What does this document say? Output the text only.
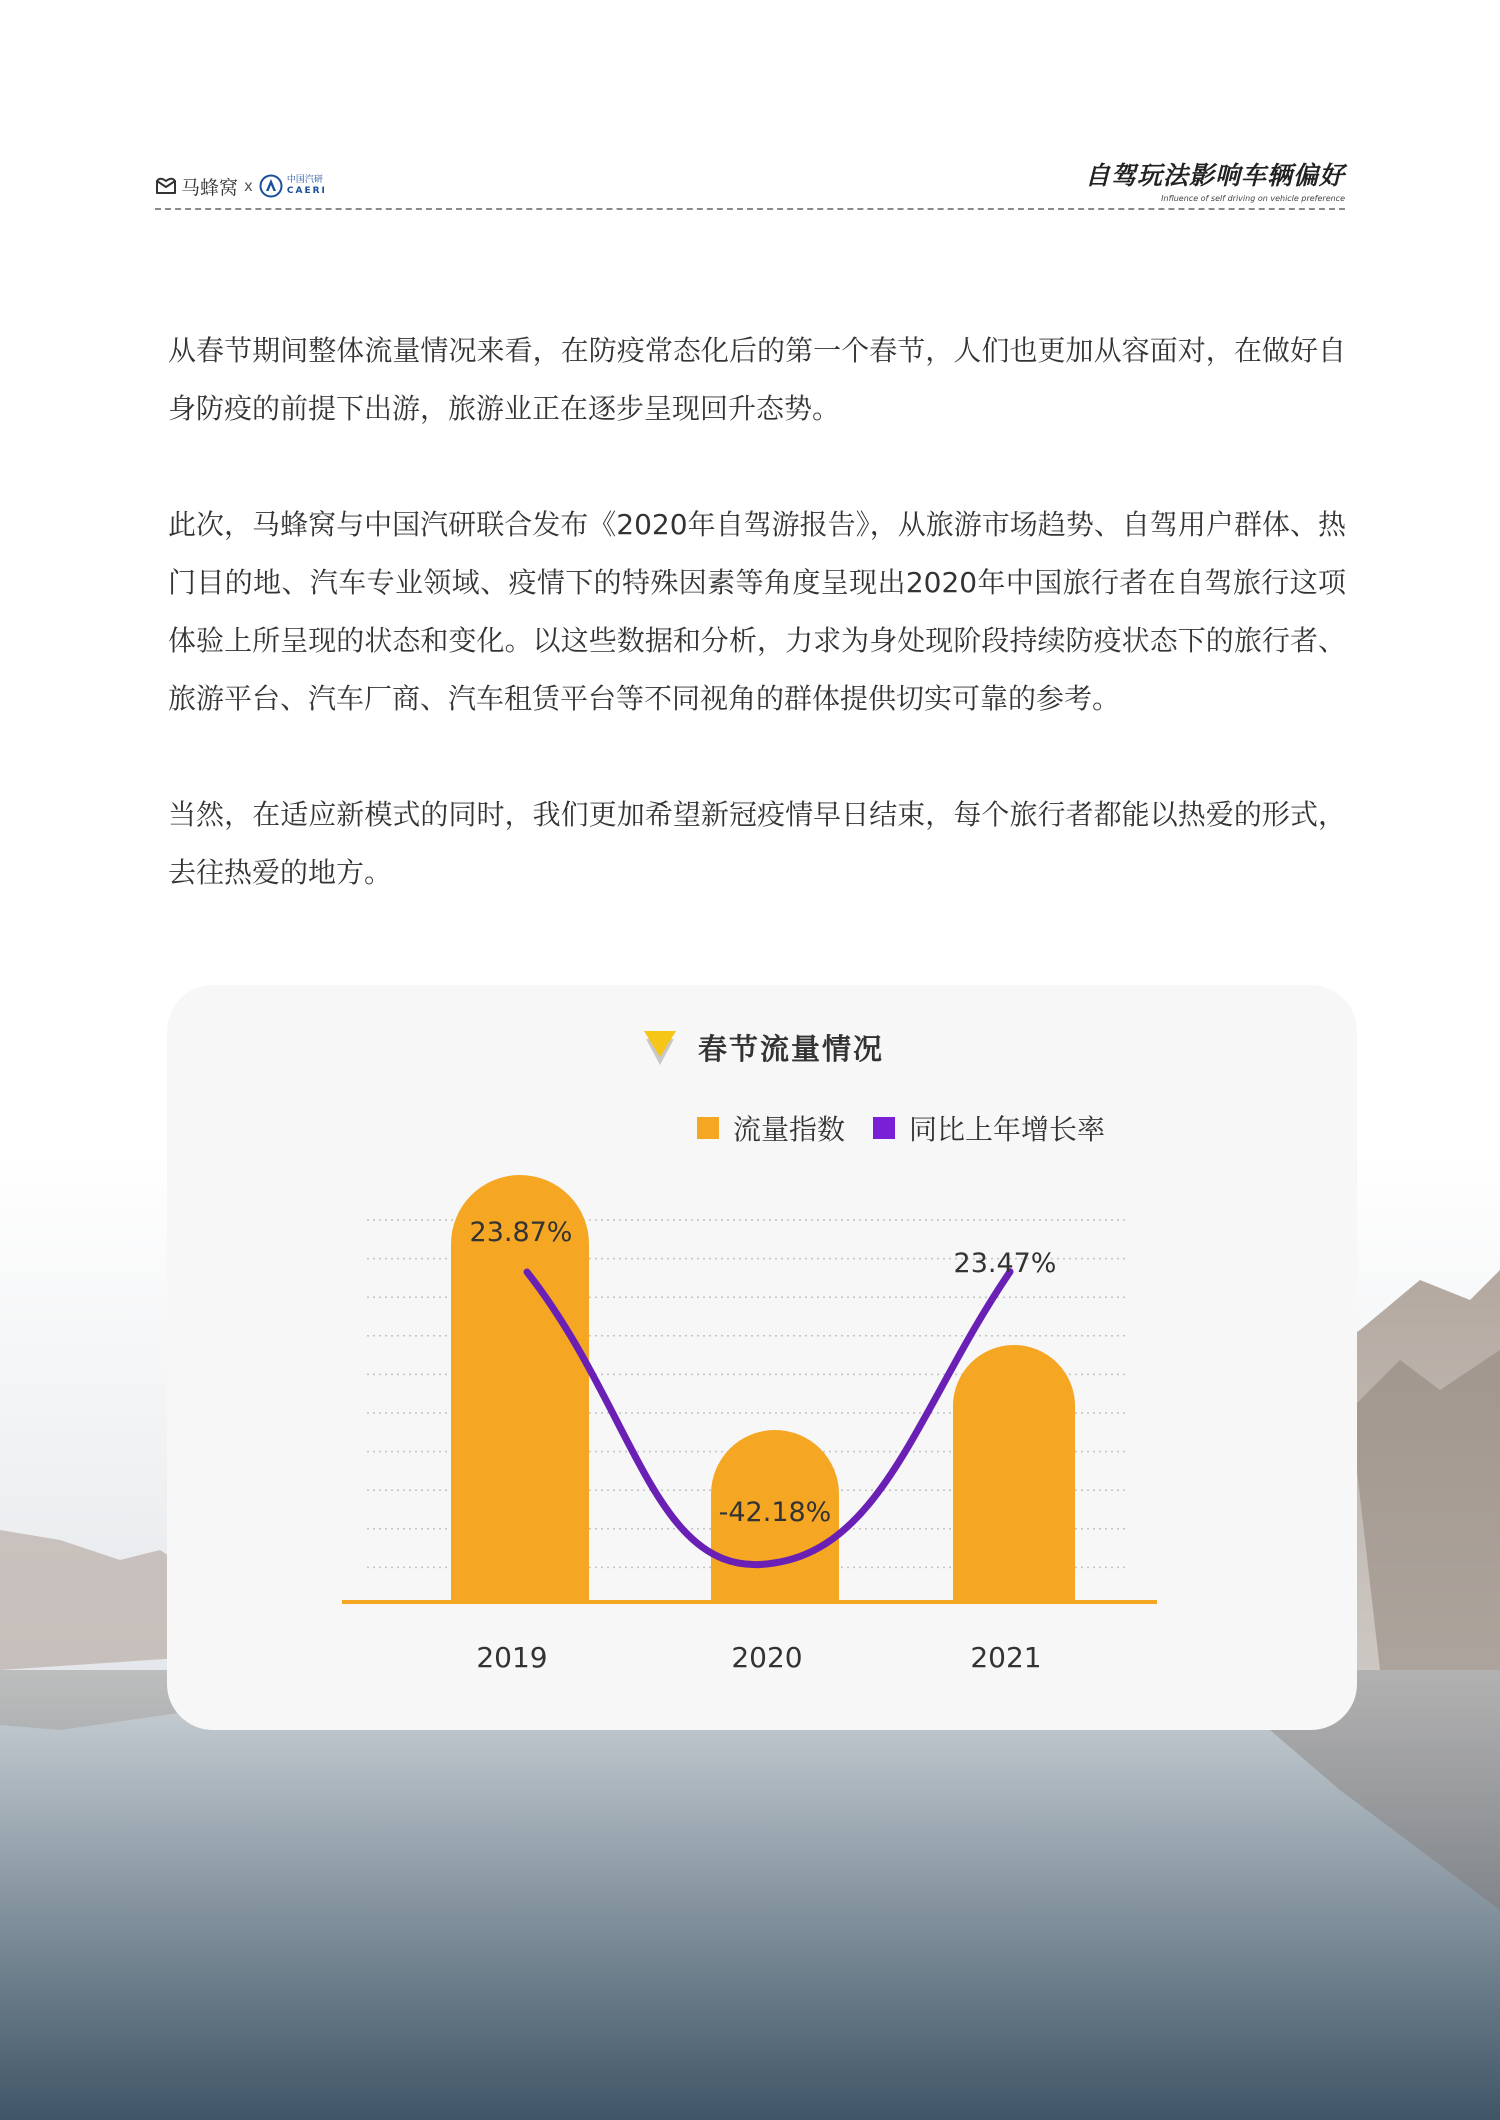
马蜂窝 x	中国汽研
CAERI
自驾玩法影响车辆偏好
Influence of self driving on vehicle preference

从春节期间整体流量情况来看，在防疫常态化后的第一个春节，人们也更加从容面对，在做好自身防疫的前提下出游，旅游业正在逐步呈现回升态势。

此次，马蜂窝与中国汽研联合发布《2020年自驾游报告》，从旅游市场趋势、自驾用户群体、热门目的地、汽车专业领域、疫情下的特殊因素等角度呈现出2020年中国旅行者在自驾旅行这项体验上所呈现的状态和变化。以这些数据和分析，力求为身处现阶段持续防疫状态下的旅行者、旅游平台、汽车厂商、汽车租赁平台等不同视角的群体提供切实可靠的参考。

当然，在适应新模式的同时，我们更加希望新冠疫情早日结束，每个旅行者都能以热爱的形式，去往热爱的地方。

春节流量情况
流量指数 同比上年增长率
2019	2020	2021
23.87%
-42.18%
23.47%
